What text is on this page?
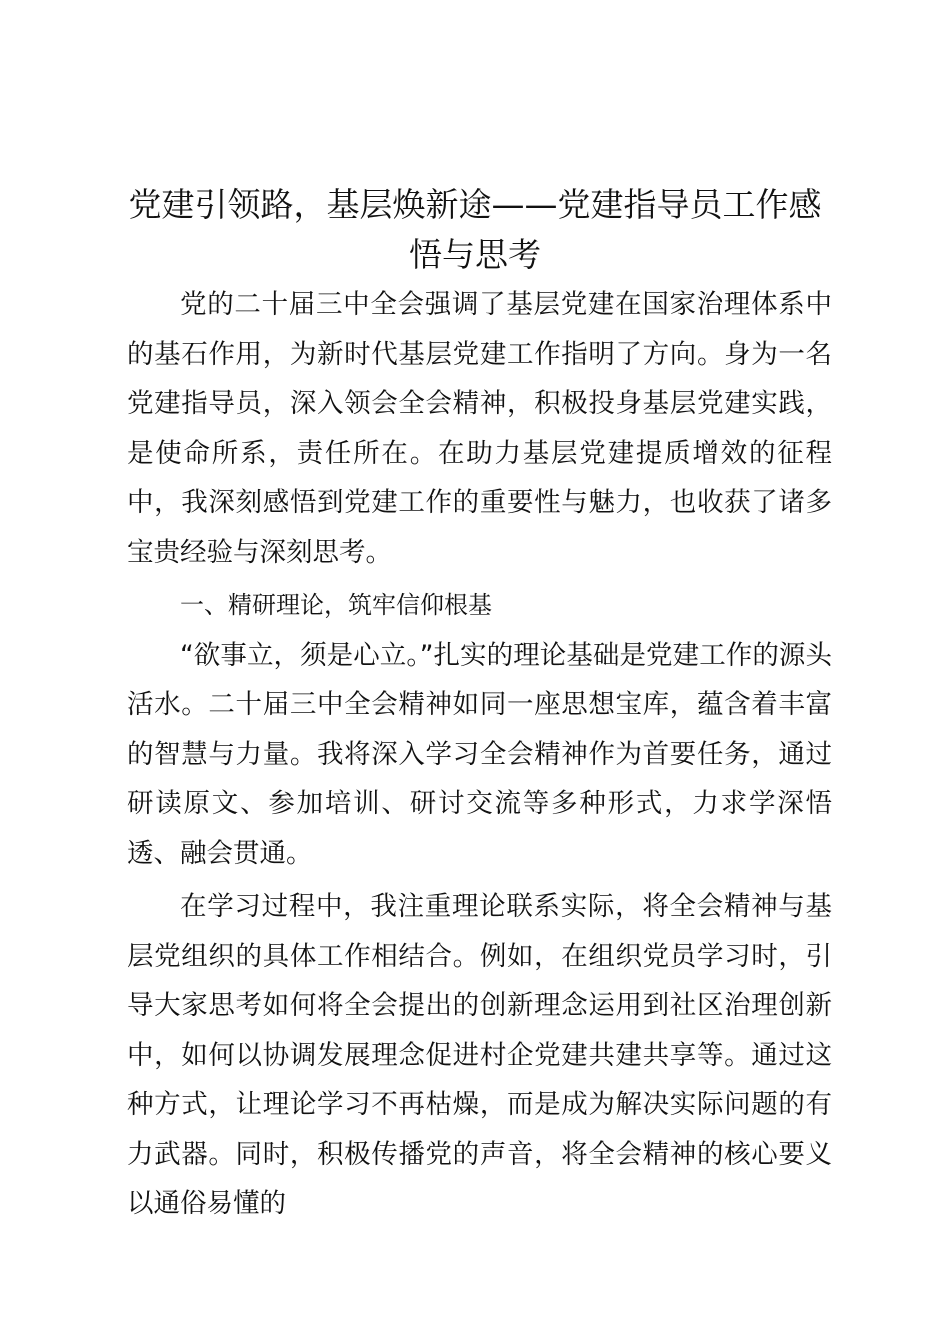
党建引领路，基层焕新途——党建指导员工作感悟与思考

党的二十届三中全会强调了基层党建在国家治理体系中的基石作用，为新时代基层党建工作指明了方向。身为一名党建指导员，深入领会全会精神，积极投身基层党建实践，是使命所系，责任所在。在助力基层党建提质增效的征程中，我深刻感悟到党建工作的重要性与魅力，也收获了诸多宝贵经验与深刻思考。

一、精研理论，筑牢信仰根基

“欲事立，须是心立。”扎实的理论基础是党建工作的源头活水。二十届三中全会精神如同一座思想宝库，蕴含着丰富的智慧与力量。我将深入学习全会精神作为首要任务，通过研读原文、参加培训、研讨交流等多种形式，力求学深悟透、融会贯通。

在学习过程中，我注重理论联系实际，将全会精神与基层党组织的具体工作相结合。例如，在组织党员学习时，引导大家思考如何将全会提出的创新理念运用到社区治理创新中，如何以协调发展理念促进村企党建共建共享等。通过这种方式，让理论学习不再枯燥，而是成为解决实际问题的有力武器。同时，积极传播党的声音，将全会精神的核心要义以通俗易懂的
